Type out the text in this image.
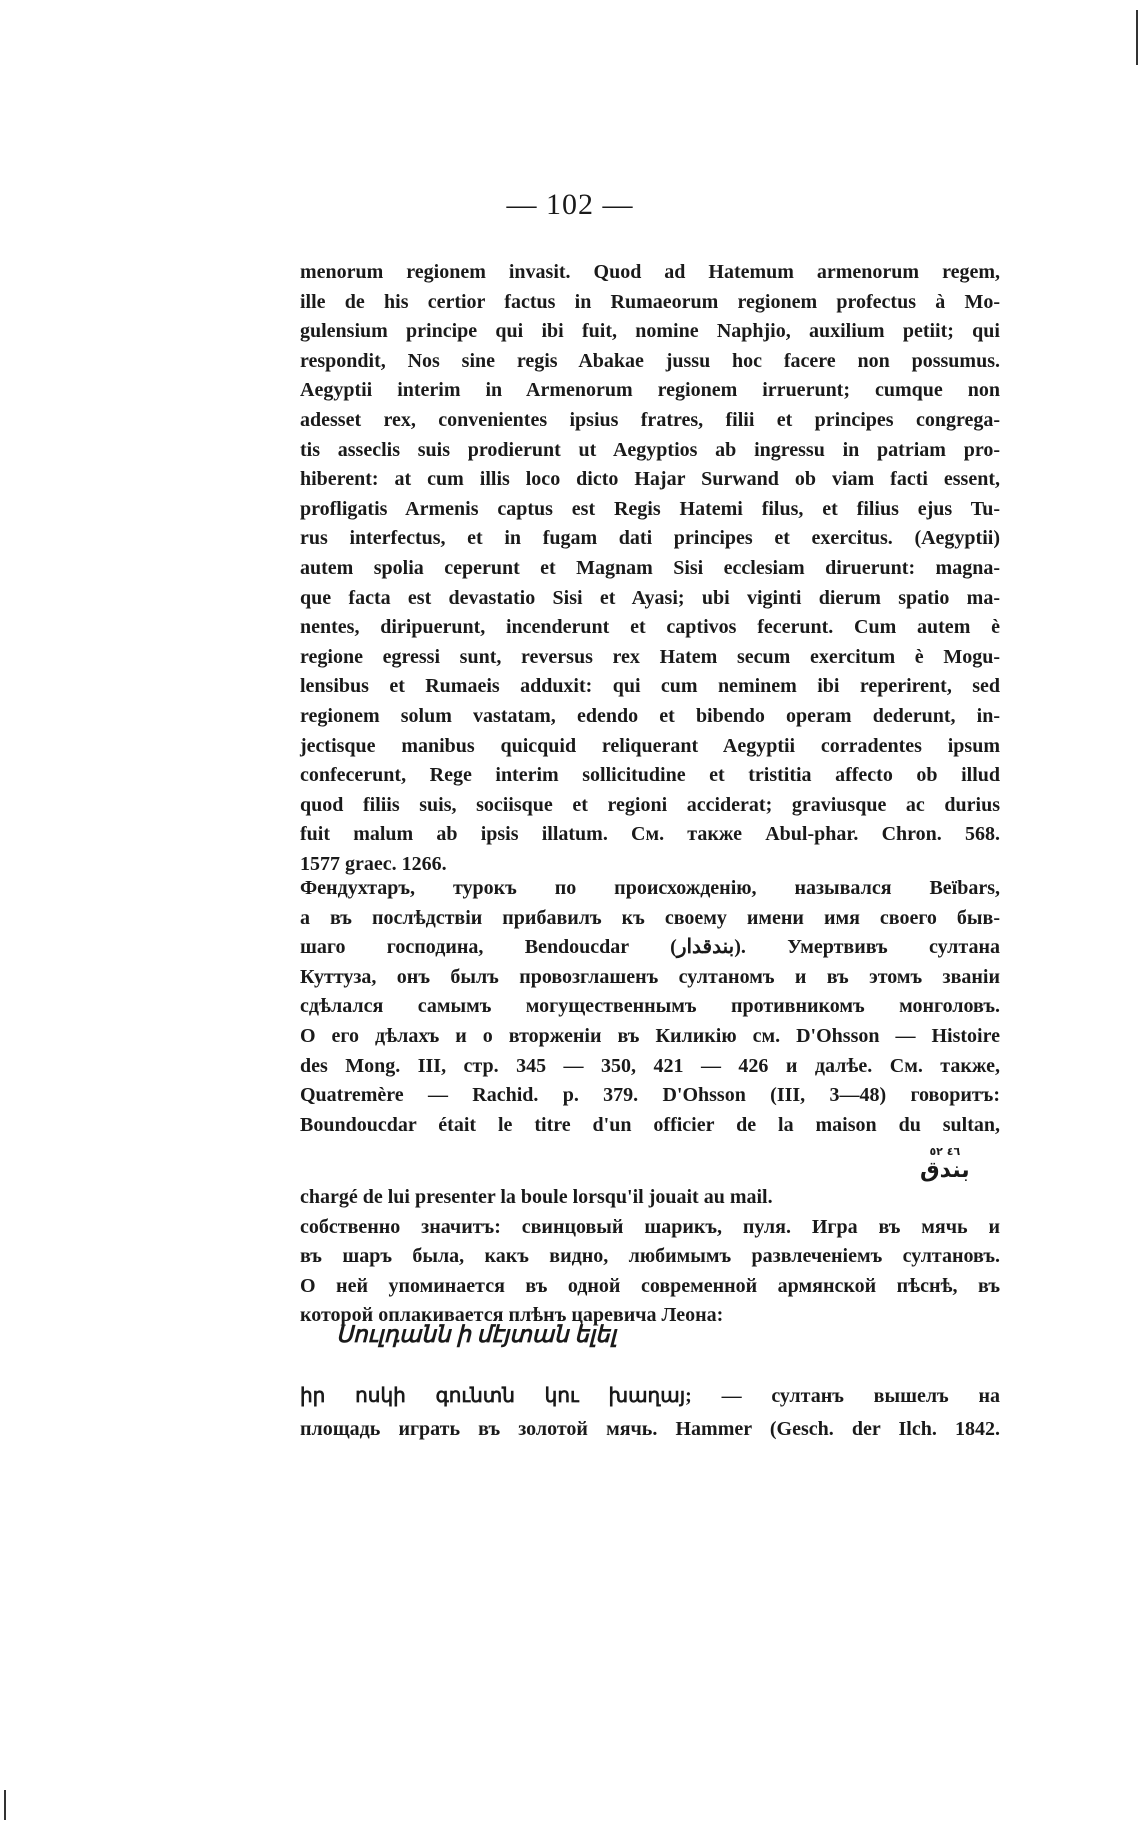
— 102 —
menorum regionem invasit. Quod ad Hatemum armenorum regem,
ille de his certior factus in Rumaeorum regionem profectus à Mo-
gulensium principe qui ibi fuit, nomine Naphjio, auxilium petiit; qui
respondit, Nos sine regis Abakae jussu hoc facere non possumus.
Aegyptii interim in Armenorum regionem irruerunt; cumque non
adesset rex, convenientes ipsius fratres, filii et principes congrega-
tis asseclis suis prodierunt ut Aegyptios ab ingressu in patriam pro-
hiberent: at cum illis loco dicto Hajar Surwand ob viam facti essent,
profligatis Armenis captus est Regis Hatemi filus, et filius ejus Tu-
rus interfectus, et in fugam dati principes et exercitus. (Aegyptii)
autem spolia ceperunt et Magnam Sisi ecclesiam diruerunt: magna-
que facta est devastatio Sisi et Ayasi; ubi viginti dierum spatio ma-
nentes, diripuerunt, incenderunt et captivos fecerunt. Cum autem è
regione egressi sunt, reversus rex Hatem secum exercitum è Mogu-
lensibus et Rumaeis adduxit: qui cum neminem ibi reperirent, sed
regionem solum vastatam, edendo et bibendo operam dederunt, in-
jectisque manibus quicquid reliquerant Aegyptii corradentes ipsum
confecerunt, Rege interim sollicitudine et tristitia affecto ob illud
quod filiis suis, sociisque et regioni acciderat; graviusque ac durius
fuit malum ab ipsis illatum. См. также Abul-phar. Chron. 568.
1577 graec. 1266.
Фендухтаръ, турокъ по происхожденію, назывался Beïbars,
а въ послѣдствіи прибавилъ къ своему имени имя своего быв-
шаго господина, Bendoucdar (بندقدار). Умертвивъ султана
Куттуза, онъ былъ провозглашенъ султаномъ и въ этомъ званіи
сдѣлался самымъ могущественнымъ противникомъ монголовъ.
О его дѣлахъ и о вторженіи въ Киликію см. D'Ohsson — Histoire
des Mong. III, стр. 345 — 350, 421 — 426 и далѣе. См. также,
Quatremère — Rachid. p. 379. D'Ohsson (III, 3—48) говоритъ:
Boundoucdar était le titre d'un officier de la maison du sultan,
٤٦ ٥٢
بندق
chargé de lui presenter la boule lorsqu'il jouait au mail.
собственно значитъ: свинцовый шарикъ, пуля. Игра въ мячь и
въ шаръ была, какъ видно, любимымъ развлеченіемъ султановъ.
О ней упоминается въ одной современной армянской пѣснѣ, въ
которой оплакивается плѣнъ царевича Леона:
Սուլդանն ի մէյտան ելել
իր ոսկի գունտն կու խաղայ; — султанъ вышелъ на
площадь играть въ золотой мячь. Hammer (Gesch. der Ilch. 1842.
